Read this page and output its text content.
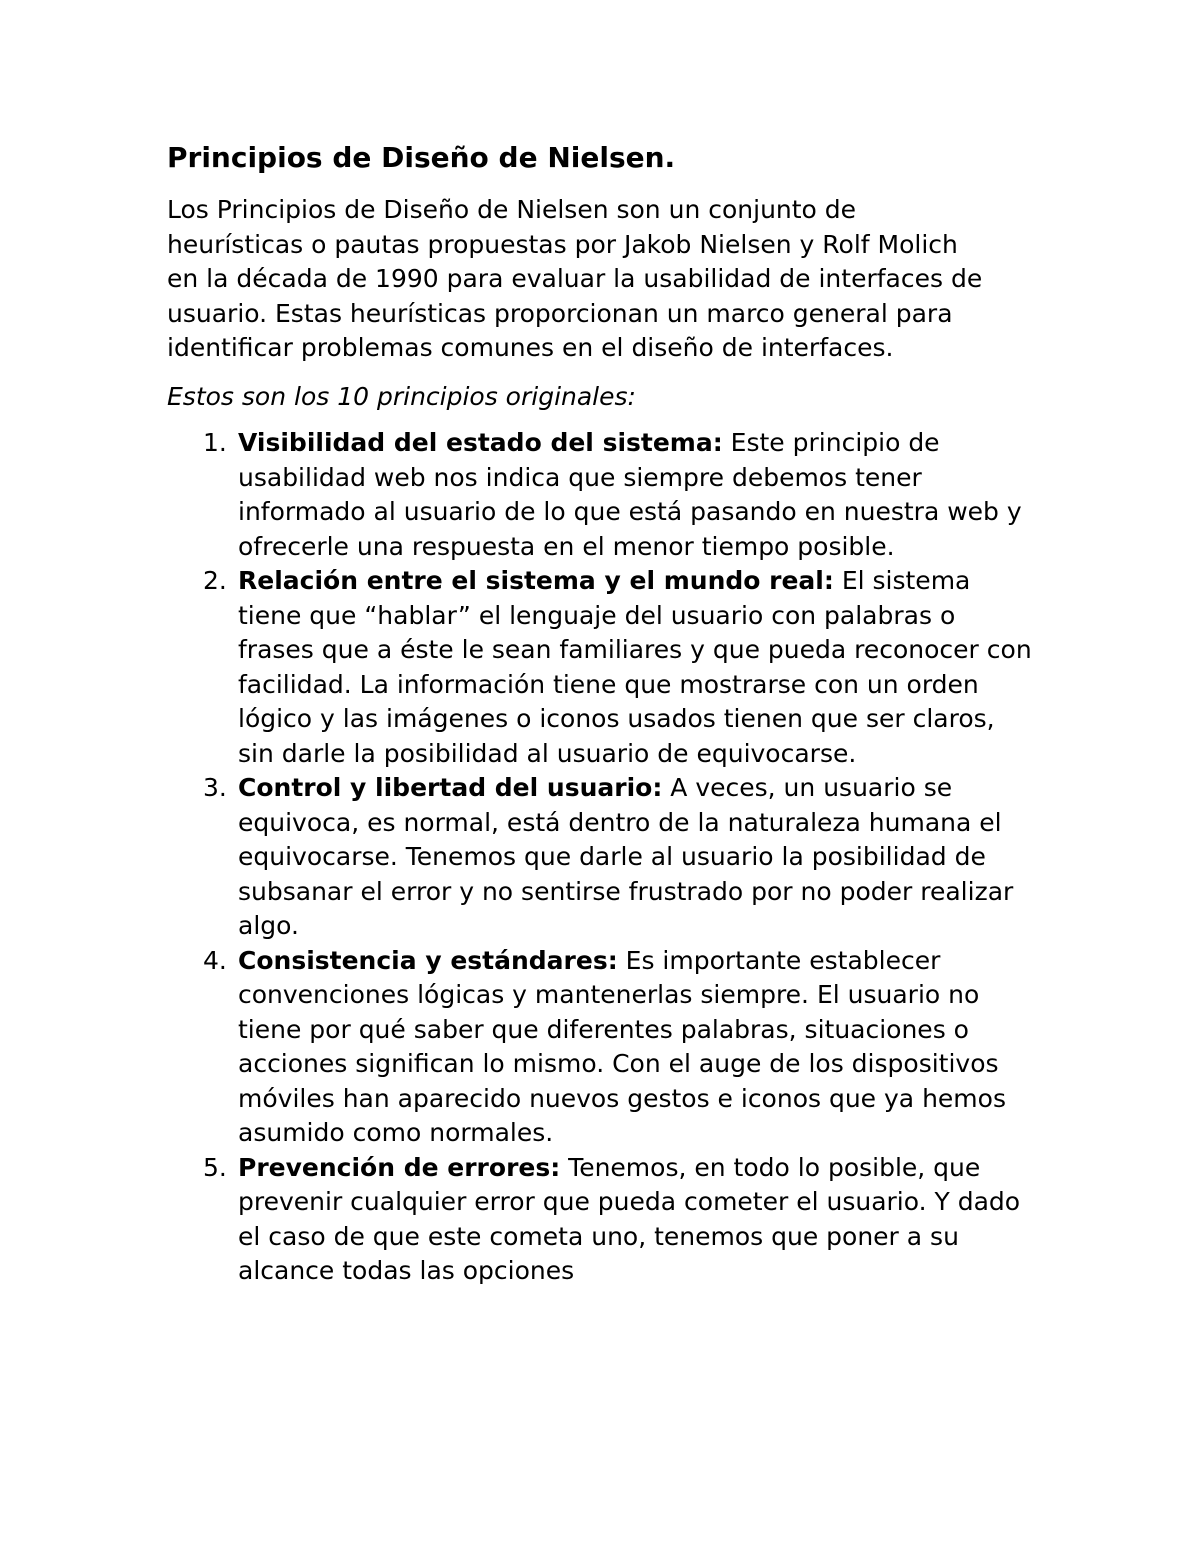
Principios de Diseño de Nielsen.

Los Principios de Diseño de Nielsen son un conjunto de heurísticas o pautas propuestas por Jakob Nielsen y Rolf Molich en la década de 1990 para evaluar la usabilidad de interfaces de usuario. Estas heurísticas proporcionan un marco general para identificar problemas comunes en el diseño de interfaces.

Estos son los 10 principios originales:

1. Visibilidad del estado del sistema: Este principio de usabilidad web nos indica que siempre debemos tener informado al usuario de lo que está pasando en nuestra web y ofrecerle una respuesta en el menor tiempo posible.
2. Relación entre el sistema y el mundo real: El sistema tiene que “hablar” el lenguaje del usuario con palabras o frases que a éste le sean familiares y que pueda reconocer con facilidad. La información tiene que mostrarse con un orden lógico y las imágenes o iconos usados tienen que ser claros, sin darle la posibilidad al usuario de equivocarse.
3. Control y libertad del usuario: A veces, un usuario se equivoca, es normal, está dentro de la naturaleza humana el equivocarse. Tenemos que darle al usuario la posibilidad de subsanar el error y no sentirse frustrado por no poder realizar algo.
4. Consistencia y estándares: Es importante establecer convenciones lógicas y mantenerlas siempre. El usuario no tiene por qué saber que diferentes palabras, situaciones o acciones significan lo mismo. Con el auge de los dispositivos móviles han aparecido nuevos gestos e iconos que ya hemos asumido como normales.
5. Prevención de errores: Tenemos, en todo lo posible, que prevenir cualquier error que pueda cometer el usuario. Y dado el caso de que este cometa uno, tenemos que poner a su alcance todas las opciones
